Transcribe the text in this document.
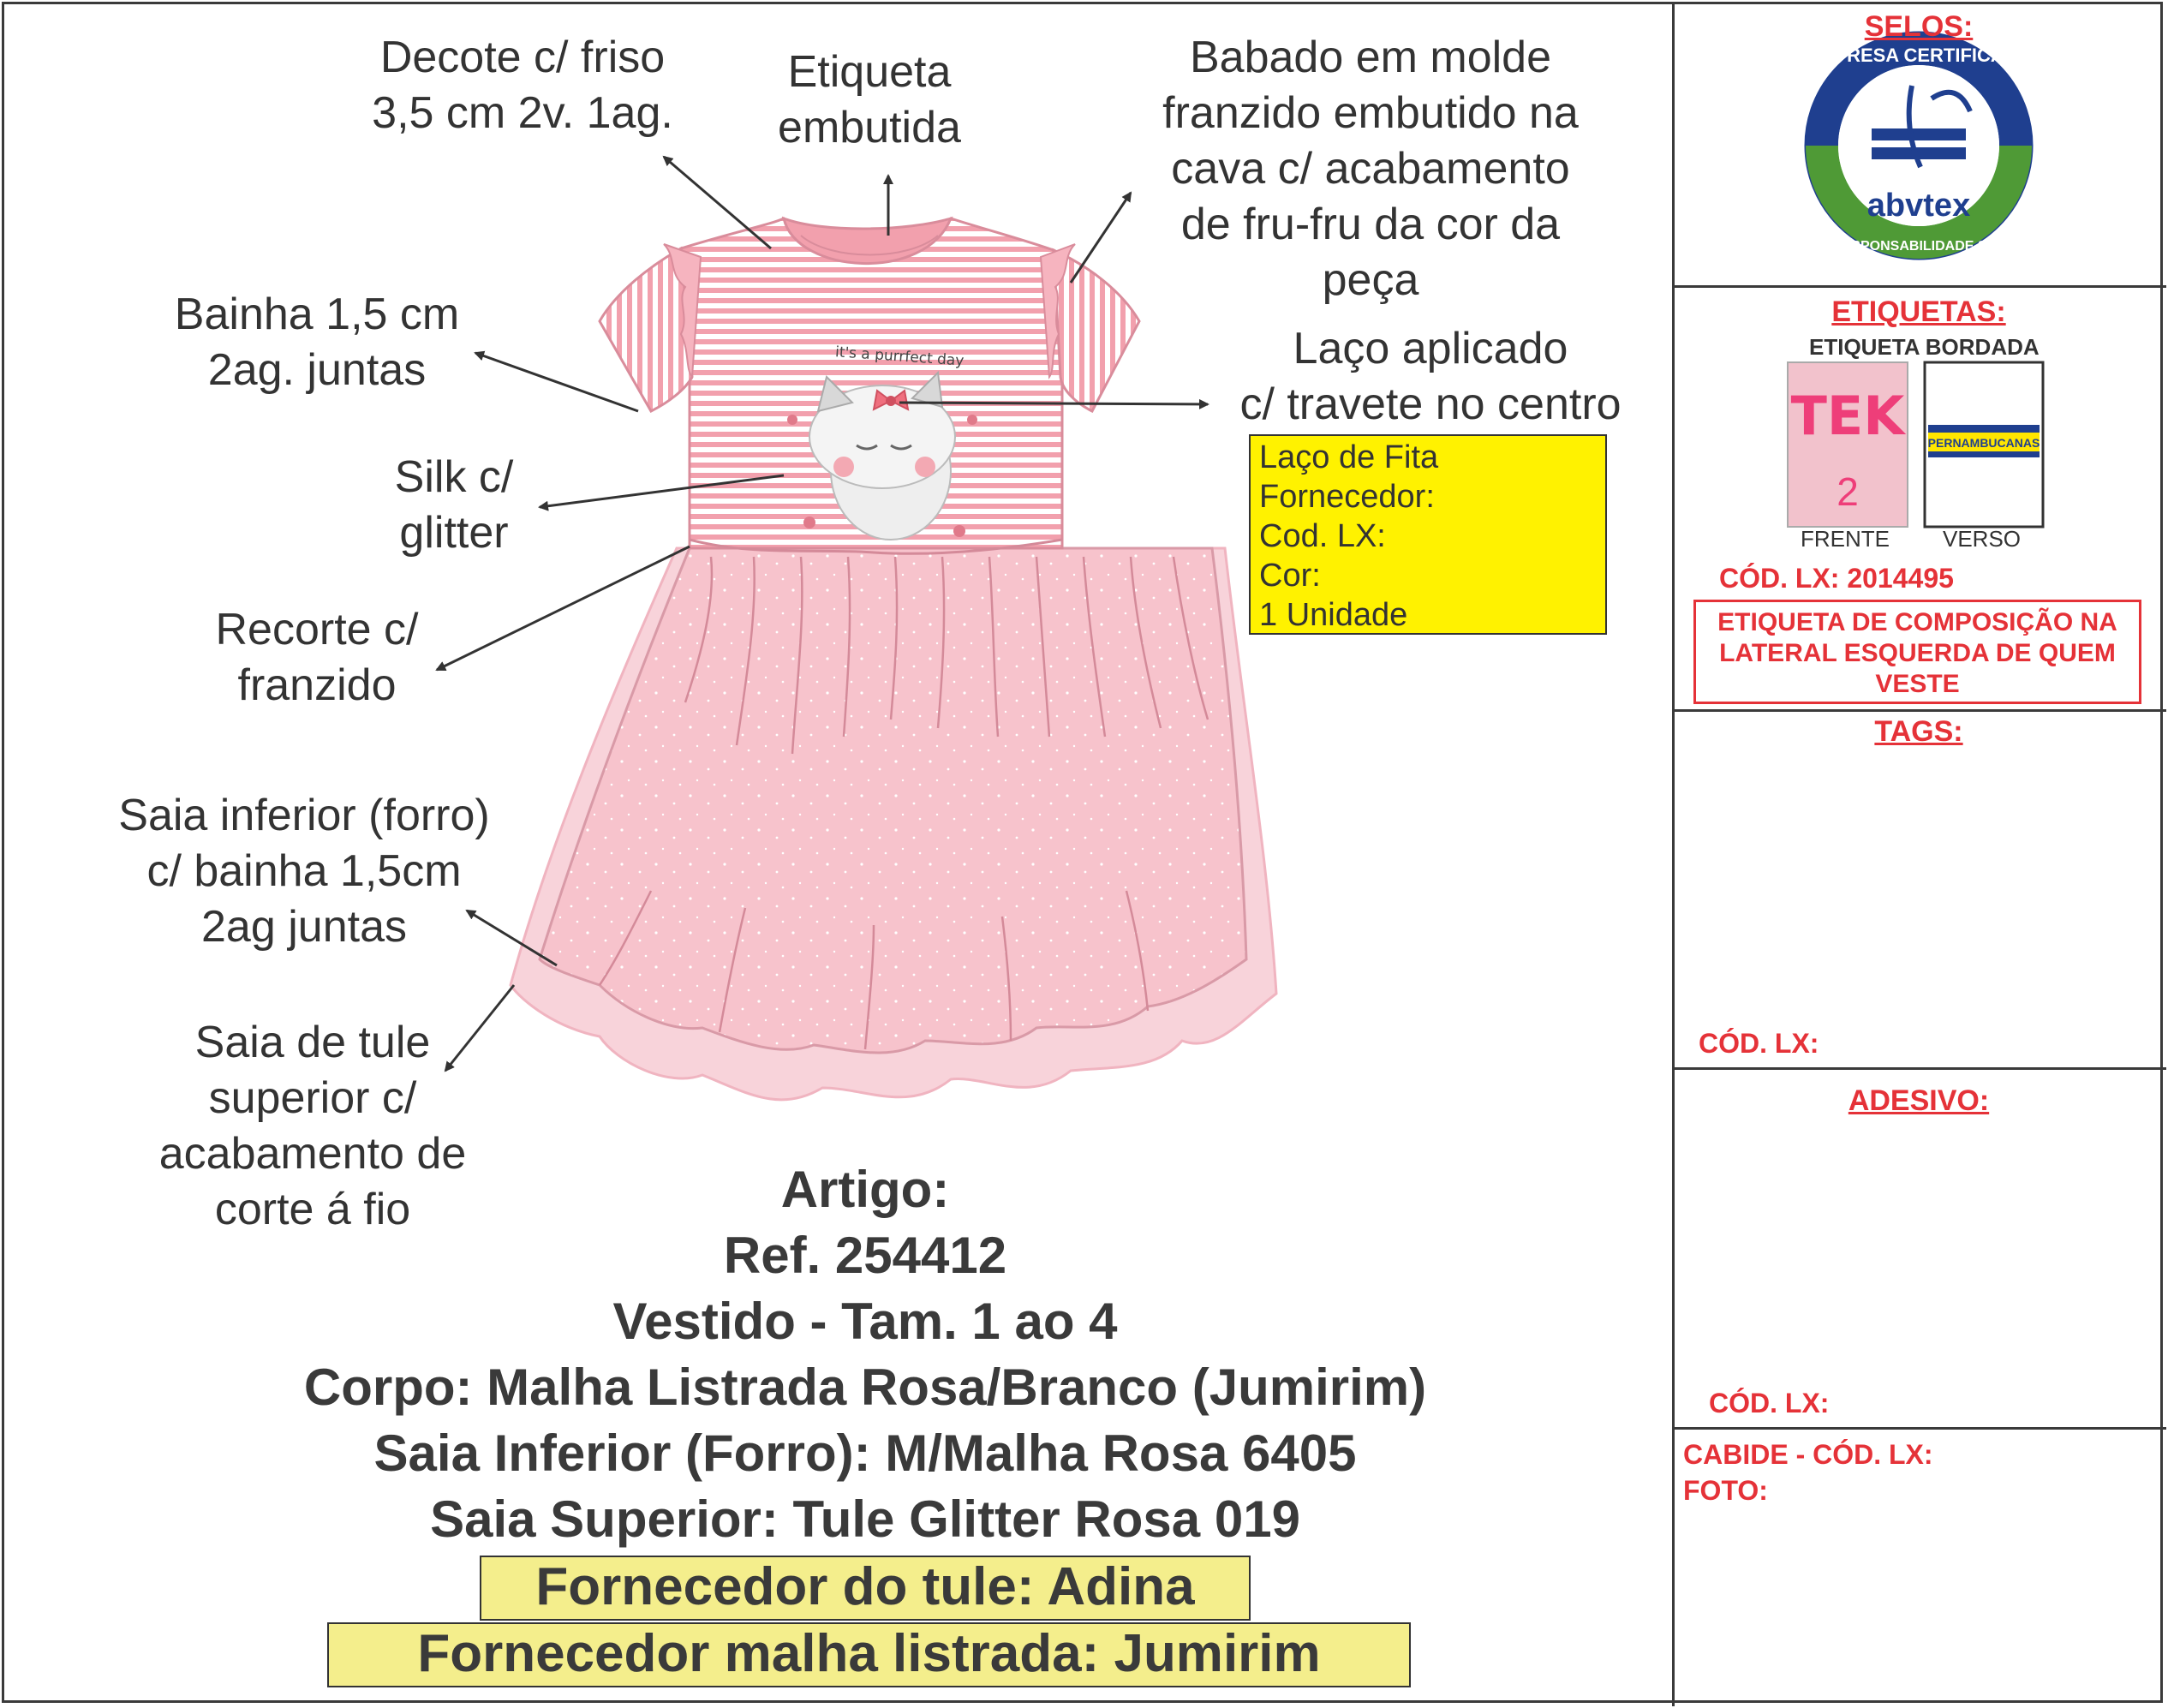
it's a purrfect day
abvtex
EMPRESA CERTIFICADA
EM RESPONSABILIDADE SOCIAL
TEK
2
PERNAMBUCANAS
Decote c/ friso
3,5 cm 2v. 1ag.
Etiqueta
embutida
Babado em molde
franzido embutido na
cava c/ acabamento
de fru-fru da cor da
peça
Bainha 1,5 cm
2ag. juntas	Laço aplicado
c/ travete no centro
Silk c/
glitter
Recorte c/
franzido
Saia inferior (forro)
c/ bainha 1,5cm
2ag juntas
Saia de tule
superior c/
acabamento de
corte á fio
Laço de Fita
Fornecedor:
Cod. LX:
Cor:
1 Unidade
Artigo:
Ref. 254412
Vestido - Tam. 1 ao 4
Corpo: Malha Listrada Rosa/Branco (Jumirim)
Saia Inferior (Forro): M/Malha Rosa 6405
Saia Superior: Tule Glitter Rosa 019
Fornecedor do tule: Adina
Fornecedor malha listrada: Jumirim
SELOS:
ETIQUETAS:
ETIQUETA BORDADA
FRENTE VERSO
CÓD. LX: 2014495
ETIQUETA DE COMPOSIÇÃO NA
LATERAL ESQUERDA DE QUEM
VESTE
TAGS:
CÓD. LX:
ADESIVO:
CÓD. LX:
CABIDE - CÓD. LX:
FOTO:
